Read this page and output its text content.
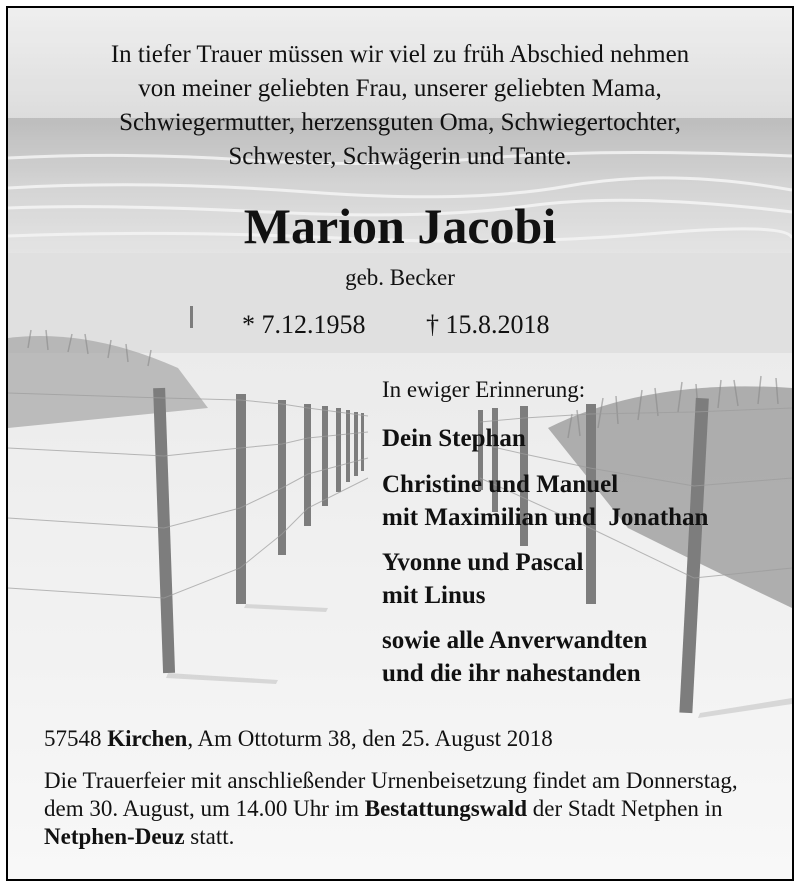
In tiefer Trauer müssen wir viel zu früh Abschied nehmen
von meiner geliebten Frau, unserer geliebten Mama,
Schwiegermutter, herzensguten Oma, Schwiegertochter,
Schwester, Schwägerin und Tante.
Marion Jacobi
geb. Becker
* 7.12.1958 † 15.8.2018
In ewiger Erinnerung:
Dein Stephan
Christine und Manuel
mit Maximilian und  Jonathan
Yvonne und Pascal
mit Linus
sowie alle Anverwandten
und die ihr nahestanden
57548 Kirchen, Am Ottoturm 38, den 25. August 2018
Die Trauerfeier mit anschließender Urnenbeisetzung findet am Donnerstag, dem 30. August, um 14.00 Uhr im Bestattungswald der Stadt Netphen in Netphen-Deuz statt.
